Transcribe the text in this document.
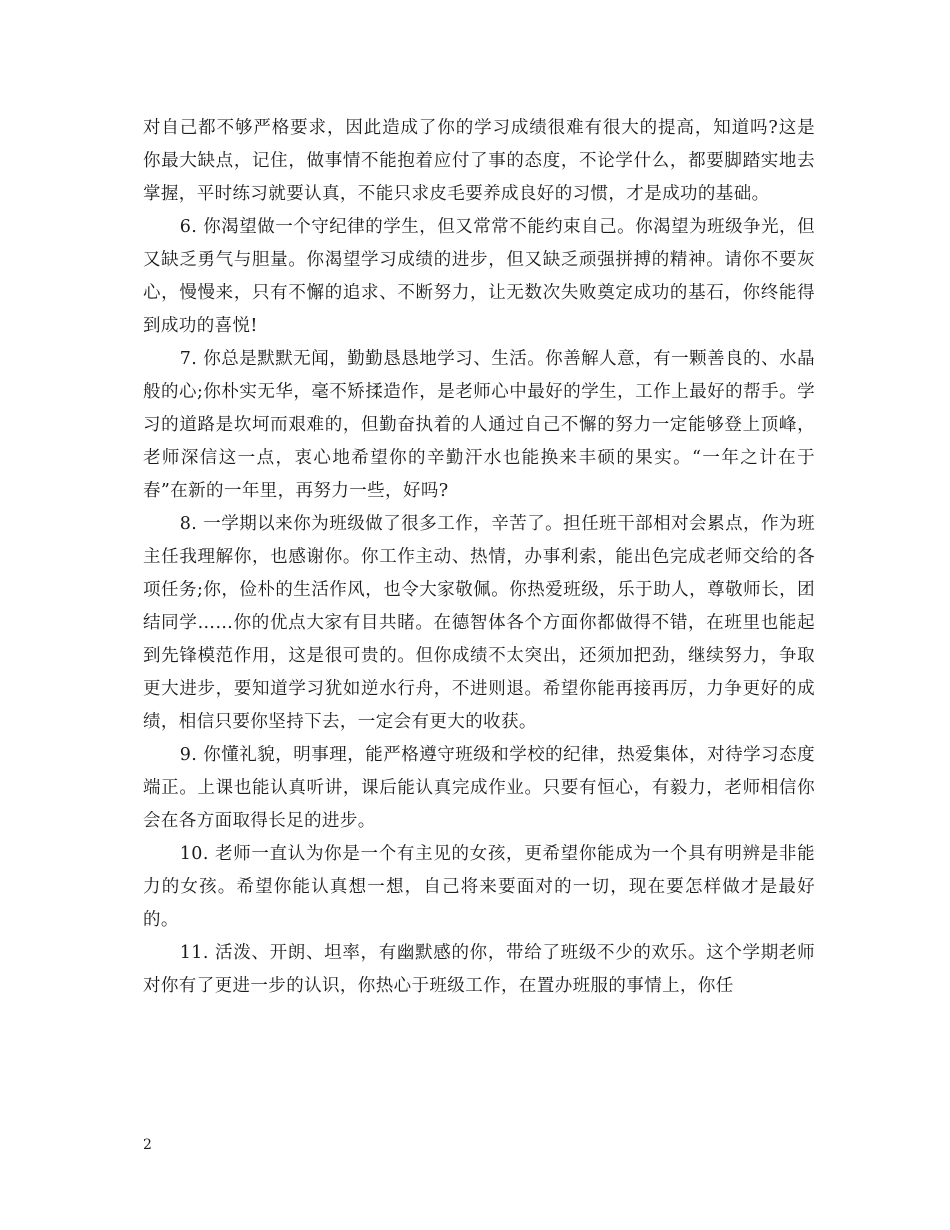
对自己都不够严格要求，因此造成了你的学习成绩很难有很大的提高，知道吗?这是你最大缺点，记住，做事情不能抱着应付了事的态度，不论学什么，都要脚踏实地去掌握，平时练习就要认真，不能只求皮毛要养成良好的习惯，才是成功的基础。

6. 你渴望做一个守纪律的学生，但又常常不能约束自己。你渴望为班级争光，但又缺乏勇气与胆量。你渴望学习成绩的进步，但又缺乏顽强拼搏的精神。请你不要灰心，慢慢来，只有不懈的追求、不断努力，让无数次失败奠定成功的基石，你终能得到成功的喜悦!

7. 你总是默默无闻，勤勤恳恳地学习、生活。你善解人意，有一颗善良的、水晶般的心;你朴实无华，毫不矫揉造作，是老师心中最好的学生，工作上最好的帮手。学习的道路是坎坷而艰难的，但勤奋执着的人通过自己不懈的努力一定能够登上顶峰，老师深信这一点，衷心地希望你的辛勤汗水也能换来丰硕的果实。“一年之计在于春”在新的一年里，再努力一些，好吗?

8. 一学期以来你为班级做了很多工作，辛苦了。担任班干部相对会累点，作为班主任我理解你，也感谢你。你工作主动、热情，办事利索，能出色完成老师交给的各项任务;你，俭朴的生活作风，也令大家敬佩。你热爱班级，乐于助人，尊敬师长，团结同学……你的优点大家有目共睹。在德智体各个方面你都做得不错，在班里也能起到先锋模范作用，这是很可贵的。但你成绩不太突出，还须加把劲，继续努力，争取更大进步，要知道学习犹如逆水行舟，不进则退。希望你能再接再厉，力争更好的成绩，相信只要你坚持下去，一定会有更大的收获。

9. 你懂礼貌，明事理，能严格遵守班级和学校的纪律，热爱集体，对待学习态度端正。上课也能认真听讲，课后能认真完成作业。只要有恒心，有毅力，老师相信你会在各方面取得长足的进步。

10. 老师一直认为你是一个有主见的女孩，更希望你能成为一个具有明辨是非能力的女孩。希望你能认真想一想，自己将来要面对的一切，现在要怎样做才是最好的。

11. 活泼、开朗、坦率，有幽默感的你，带给了班级不少的欢乐。这个学期老师对你有了更进一步的认识，你热心于班级工作，在置办班服的事情上，你任

2
